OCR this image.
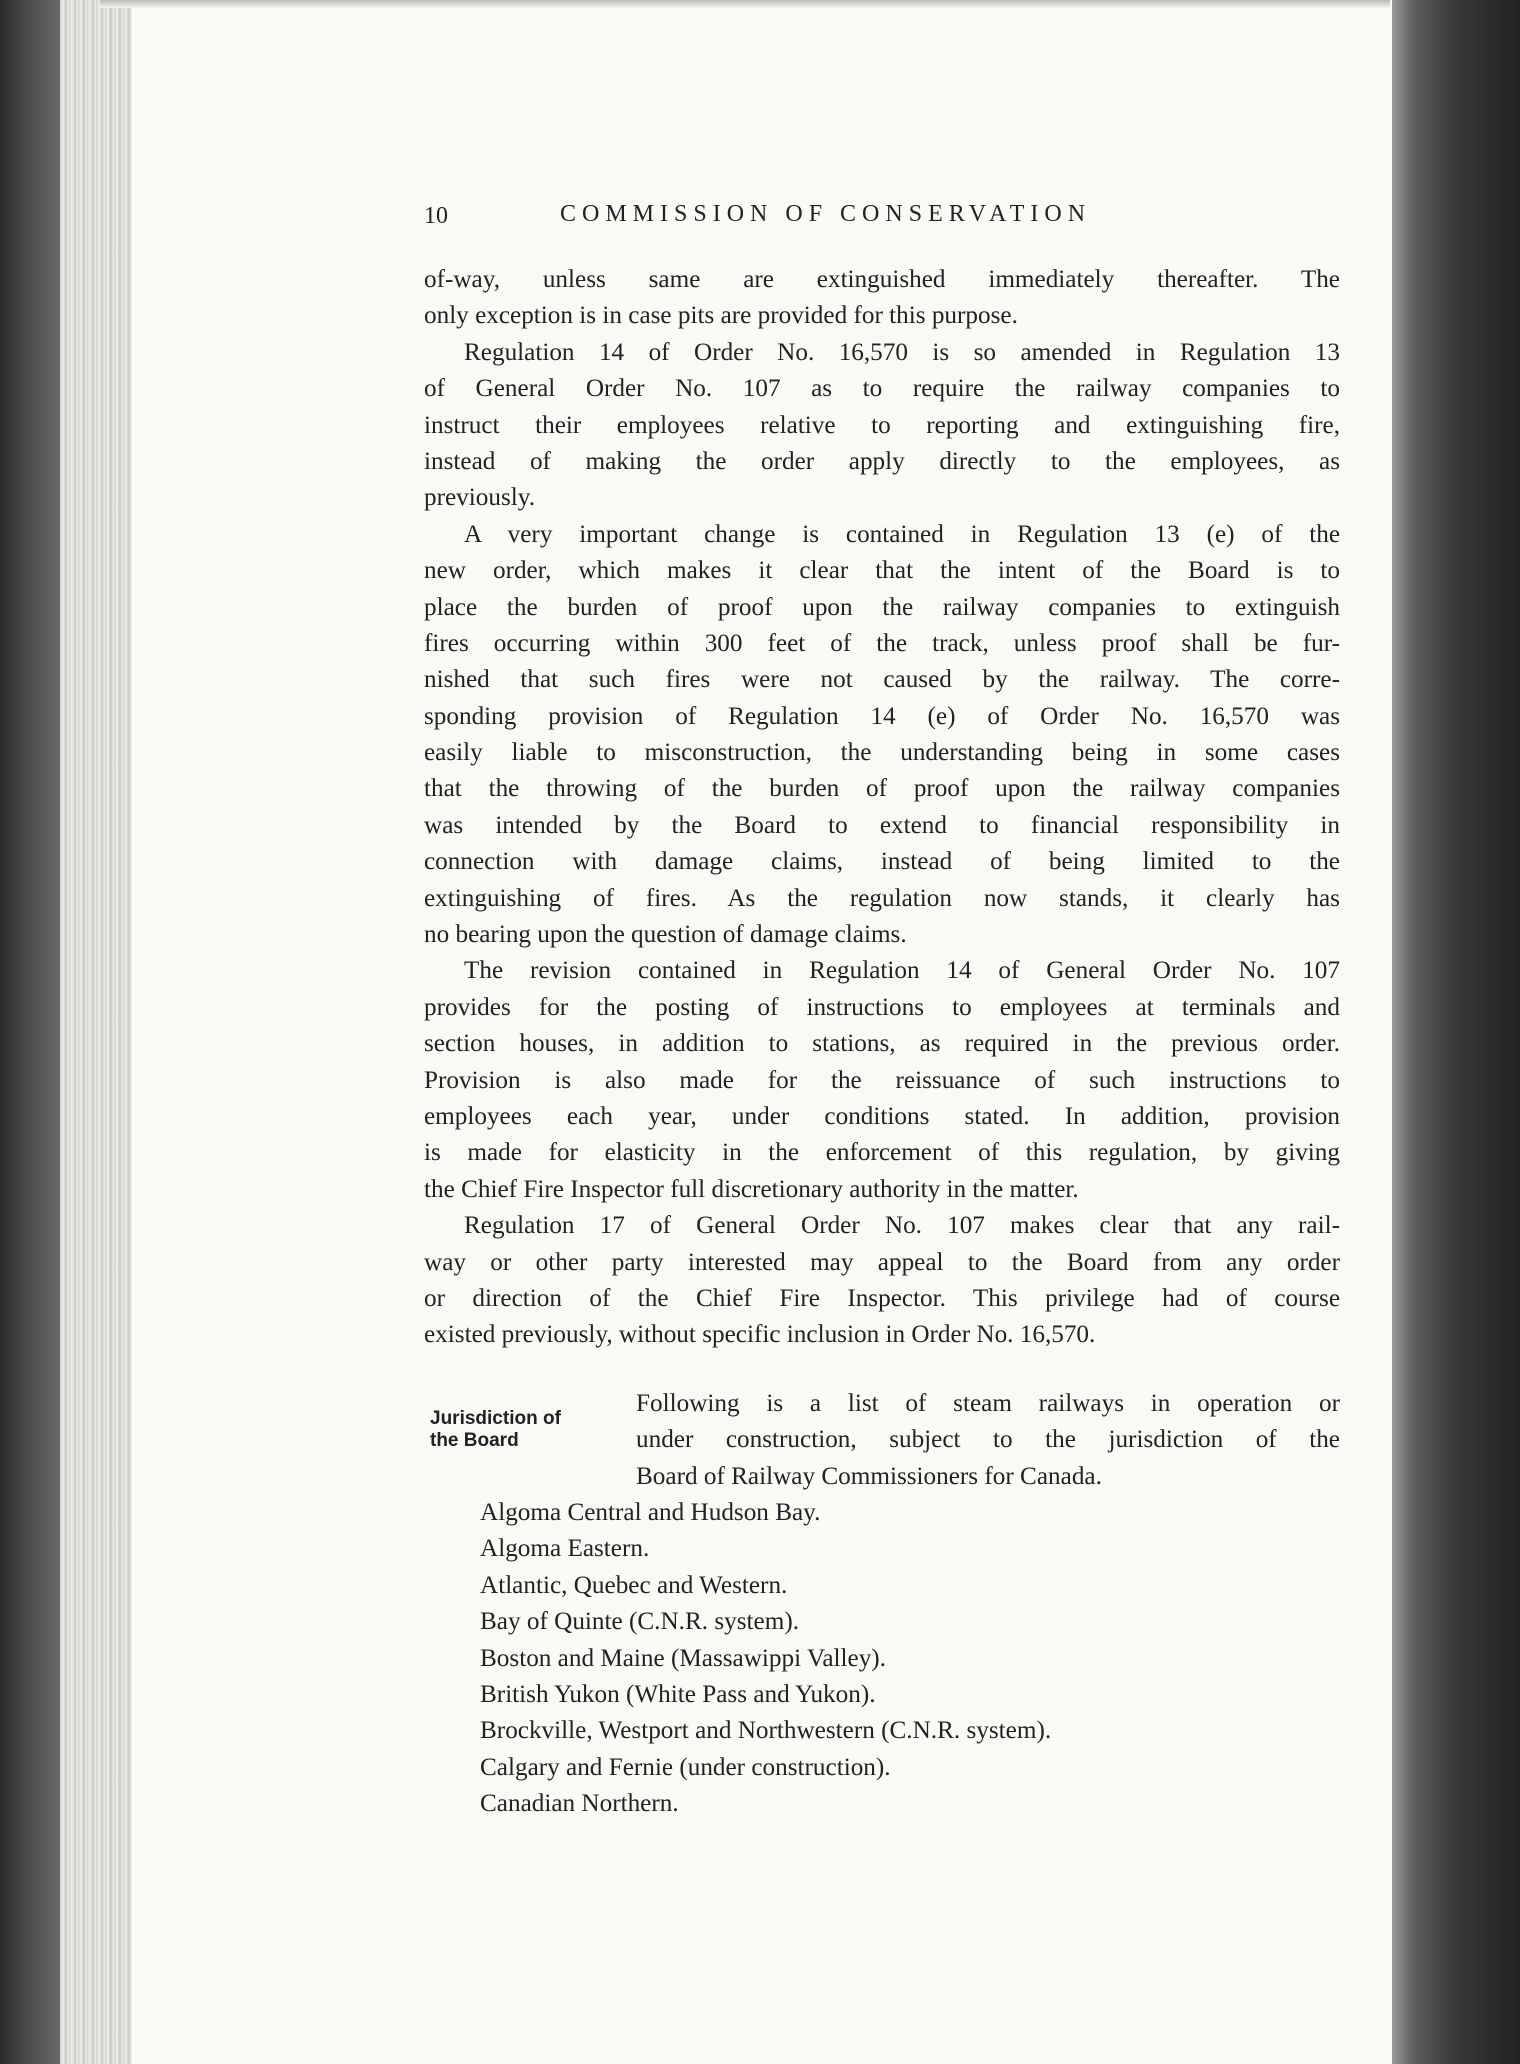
10	COMMISSION OF CONSERVATION
of-way, unless same are extinguished immediately thereafter. The
only exception is in case pits are provided for this purpose.
Regulation 14 of Order No. 16,570 is so amended in Regulation 13
of General Order No. 107 as to require the railway companies to
instruct their employees relative to reporting and extinguishing fire,
instead of making the order apply directly to the employees, as
previously.
A very important change is contained in Regulation 13 (e) of the
new order, which makes it clear that the intent of the Board is to
place the burden of proof upon the railway companies to extinguish
fires occurring within 300 feet of the track, unless proof shall be fur-
nished that such fires were not caused by the railway. The corre-
sponding provision of Regulation 14 (e) of Order No. 16,570 was
easily liable to misconstruction, the understanding being in some cases
that the throwing of the burden of proof upon the railway companies
was intended by the Board to extend to financial responsibility in
connection with damage claims, instead of being limited to the
extinguishing of fires. As the regulation now stands, it clearly has
no bearing upon the question of damage claims.
The revision contained in Regulation 14 of General Order No. 107
provides for the posting of instructions to employees at terminals and
section houses, in addition to stations, as required in the previous order.
Provision is also made for the reissuance of such instructions to
employees each year, under conditions stated. In addition, provision
is made for elasticity in the enforcement of this regulation, by giving
the Chief Fire Inspector full discretionary authority in the matter.
Regulation 17 of General Order No. 107 makes clear that any rail-
way or other party interested may appeal to the Board from any order
or direction of the Chief Fire Inspector. This privilege had of course
existed previously, without specific inclusion in Order No. 16,570.
Jurisdiction of
the Board
Following is a list of steam railways in operation or
under construction, subject to the jurisdiction of the
Board of Railway Commissioners for Canada.
Algoma Central and Hudson Bay.
Algoma Eastern.
Atlantic, Quebec and Western.
Bay of Quinte (C.N.R. system).
Boston and Maine (Massawippi Valley).
British Yukon (White Pass and Yukon).
Brockville, Westport and Northwestern (C.N.R. system).
Calgary and Fernie (under construction).
Canadian Northern.
